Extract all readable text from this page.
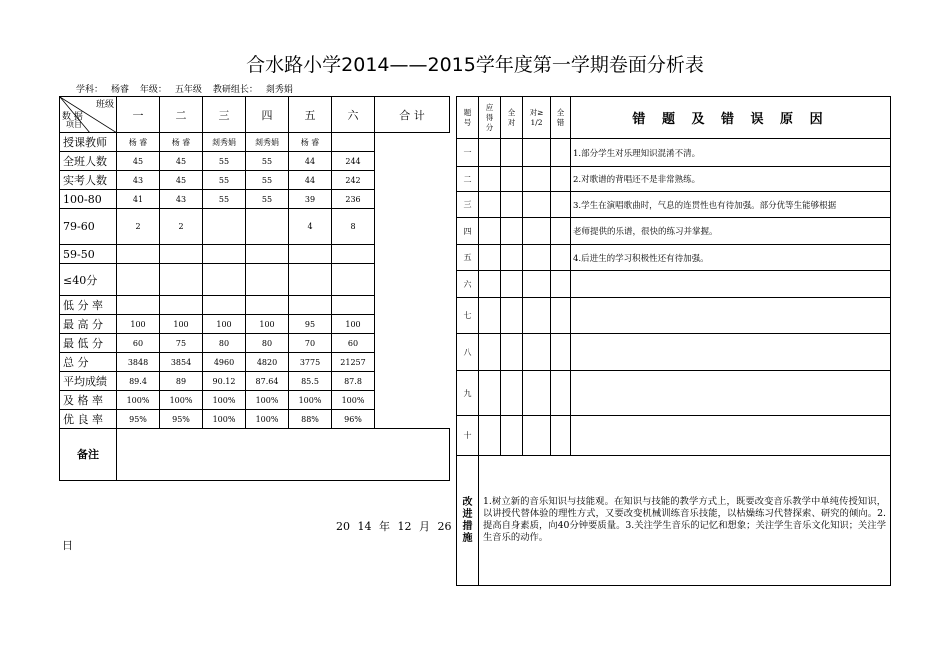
合水路小学2014——2015学年度第一学期卷面分析表
学科： 杨睿 年级： 五年级 教研组长： 剡秀娟
班级
数 据
项目	一	二	三	四	五	六	合 计
授课教师	杨 睿	杨 睿	剡秀娟	剡秀娟	杨 睿		
全班人数	45	45	55	55	44	244	
实考人数	43	45	55	55	44	242	
100-80	41	43	55	55	39	236	
79-60	2	2			4	8	
59-50							
≤40分							
低 分 率							
最 高 分	100	100	100	100	95	100	
最 低 分	60	75	80	80	70	60	
总 分	3848	3854	4960	4820	3775	21257	
平均成绩	89.4	89	90.12	87.64	85.5	87.8	
及 格 率	100%	100%	100%	100%	100%	100%	
优 良 率	95%	95%	100%	100%	88%	96%	
备注							
题号	应得分	全对	对≥1/2	全错	错 题 及 错 误 原 因
一					1.部分学生对乐理知识混淆不清。
二					2.对歌谱的背唱还不是非常熟练。
三					3.学生在演唱歌曲时，气息的连贯性也有待加强。部分优等生能够根据
四					老师提供的乐谱，很快的练习并掌握。
五					4.后进生的学习积极性还有待加强。
六					
七					
八					
九					
十					
改进措施	1.树立新的音乐知识与技能观。在知识与技能的教学方式上，既要改变音乐教学中单纯传授知识，以讲授代替体验的理性方式，又要改变机械训练音乐技能，以枯燥练习代替探索、研究的倾向。2.提高自身素质，向40分钟要质量。3.关注学生音乐的记忆和想象；关注学生音乐文化知识；关注学生音乐的动作。				
20 14 年 12 月 26
日
